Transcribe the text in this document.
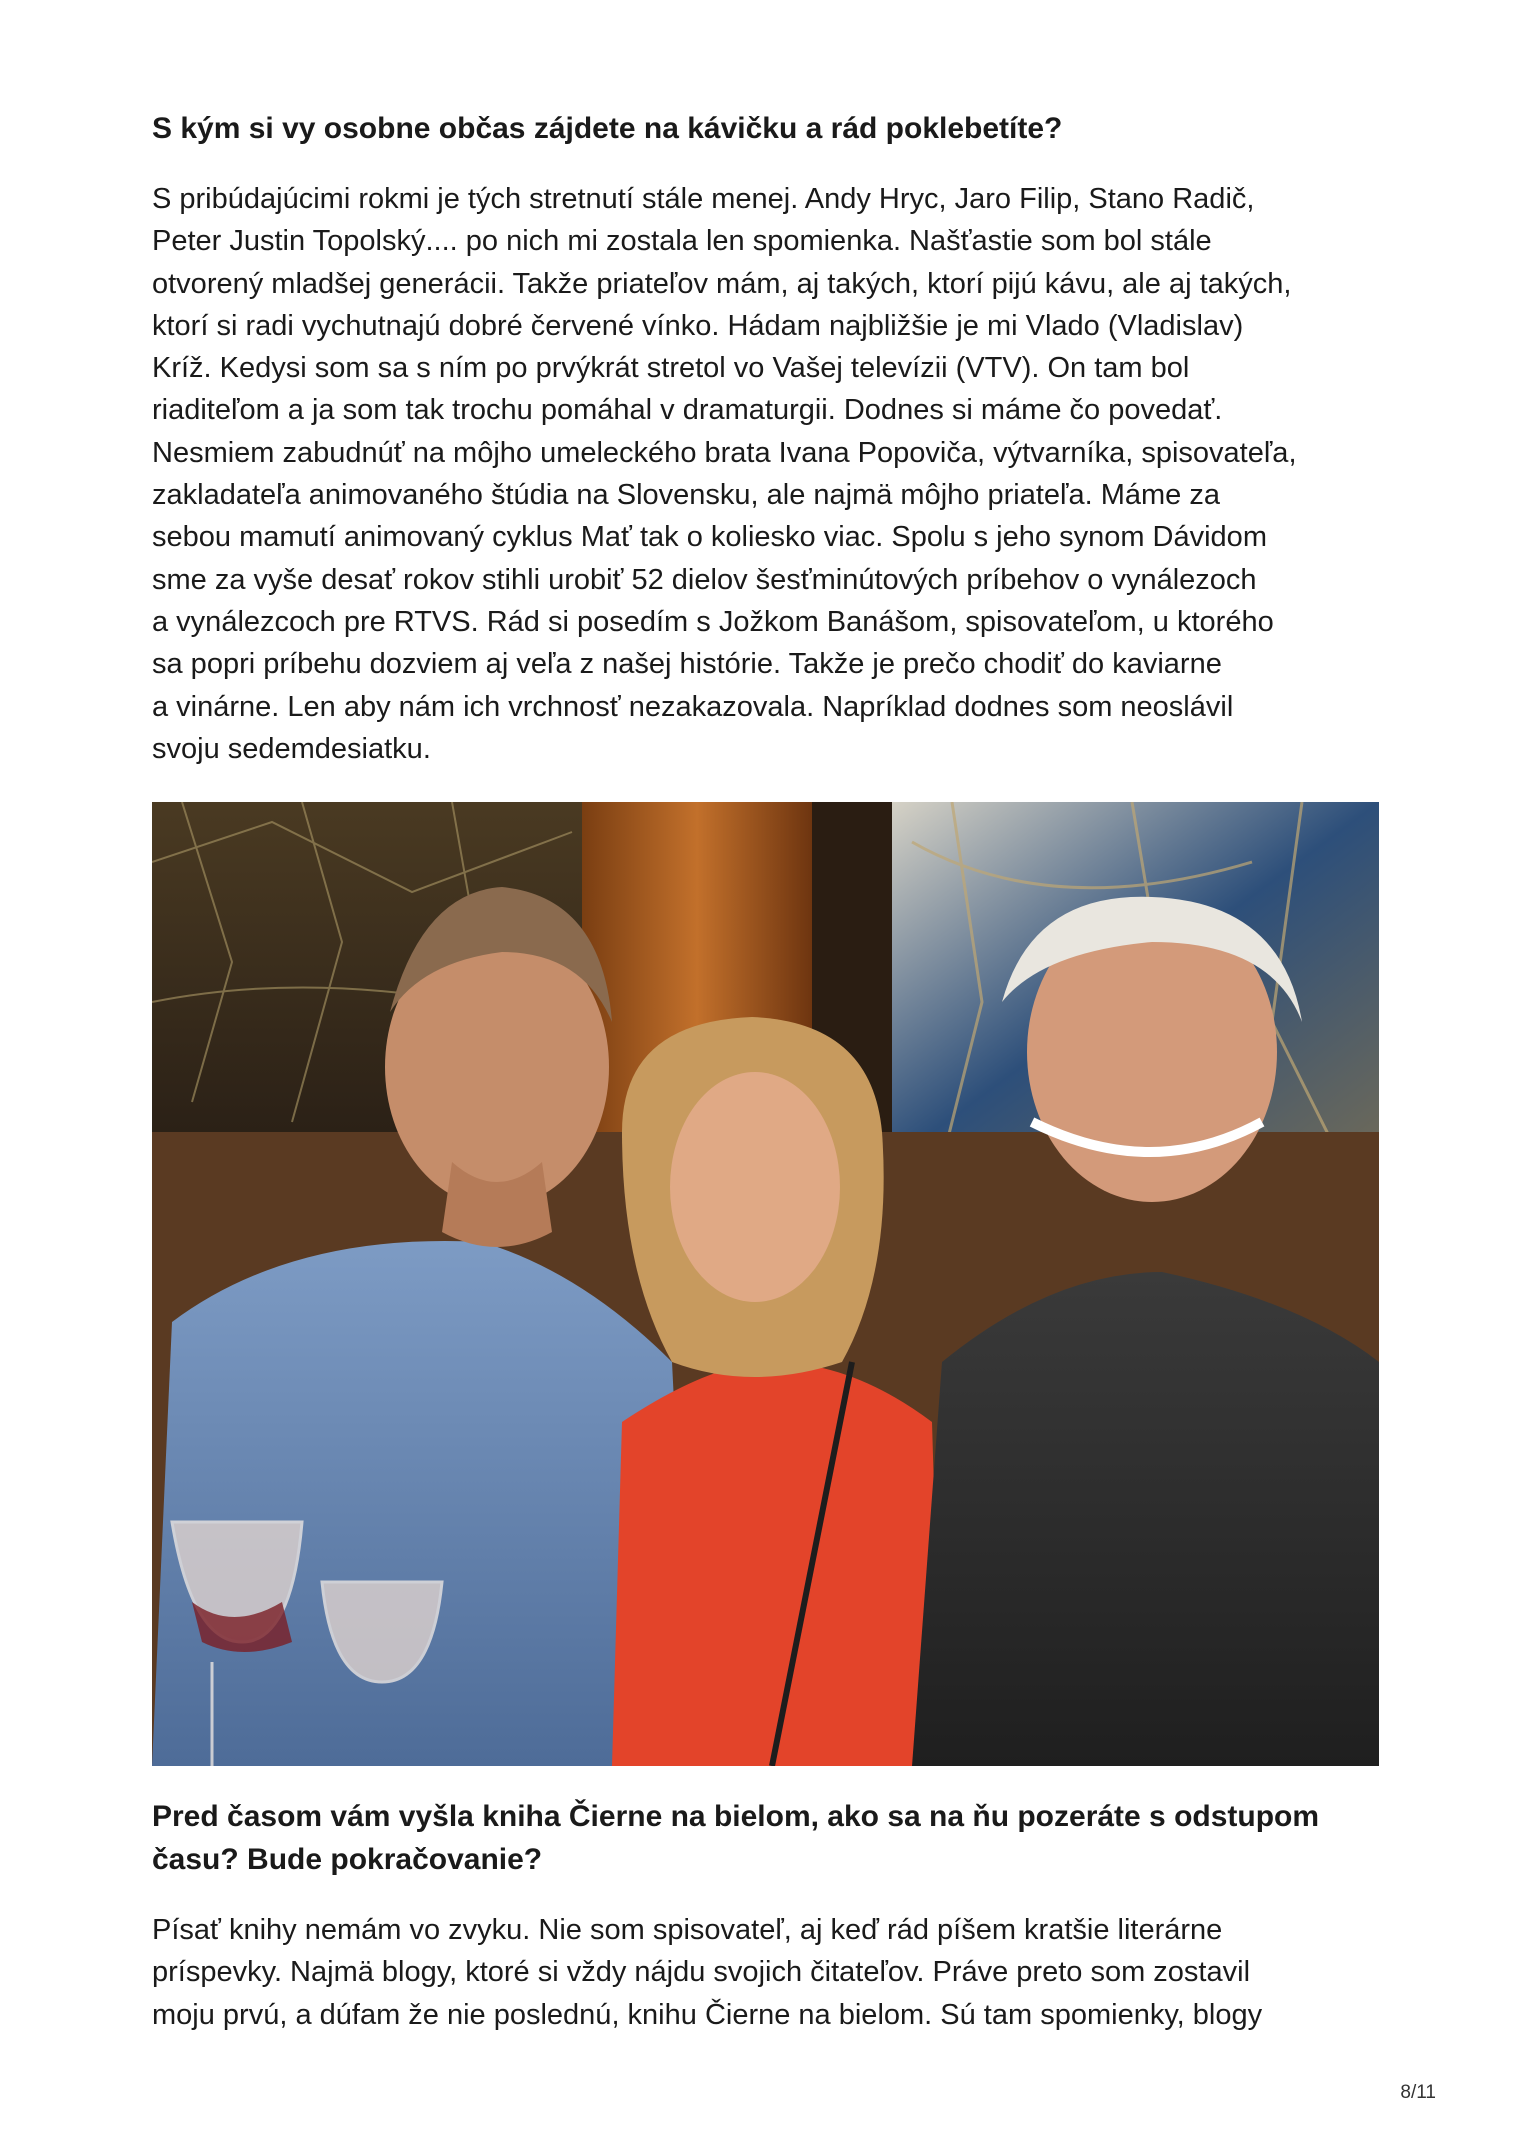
S kým si vy osobne občas zájdete na kávičku a rád poklebetíte?
S pribúdajúcimi rokmi je tých stretnutí stále menej. Andy Hryc, Jaro Filip, Stano Radič,
Peter Justin Topolský.... po nich mi zostala len spomienka. Našťastie som bol stále
otvorený mladšej generácii. Takže priateľov mám, aj takých, ktorí pijú kávu, ale aj takých,
ktorí si radi vychutnajú dobré červené vínko. Hádam najbližšie je mi Vlado (Vladislav)
Kríž. Kedysi som sa s ním po prvýkrát stretol vo Vašej televízii (VTV). On tam bol
riaditeľom a ja som tak trochu pomáhal v dramaturgii. Dodnes si máme čo povedať.
Nesmiem zabudnúť na môjho umeleckého brata Ivana Popoviča, výtvarníka, spisovateľa,
zakladateľa animovaného štúdia na Slovensku, ale najmä môjho priateľa. Máme za
sebou mamutí animovaný cyklus Mať tak o koliesko viac. Spolu s jeho synom Dávidom
sme za vyše desať rokov stihli urobiť 52 dielov šesťminútových príbehov o vynálezoch
a vynálezcoch pre RTVS. Rád si posedím s Jožkom Banášom, spisovateľom, u ktorého
sa popri príbehu dozviem aj veľa z našej histórie. Takže je prečo chodiť do kaviarne
a vinárne. Len aby nám ich vrchnosť nezakazovala. Napríklad dodnes som neoslávil
svoju sedemdesiatku.
Pred časom vám vyšla kniha Čierne na bielom, ako sa na ňu pozeráte s odstupom
času? Bude pokračovanie?
Písať knihy nemám vo zvyku. Nie som spisovateľ, aj keď rád píšem kratšie literárne
príspevky. Najmä blogy, ktoré si vždy nájdu svojich čitateľov. Práve preto som zostavil
moju prvú, a dúfam že nie poslednú, knihu Čierne na bielom. Sú tam spomienky, blogy
8/11
